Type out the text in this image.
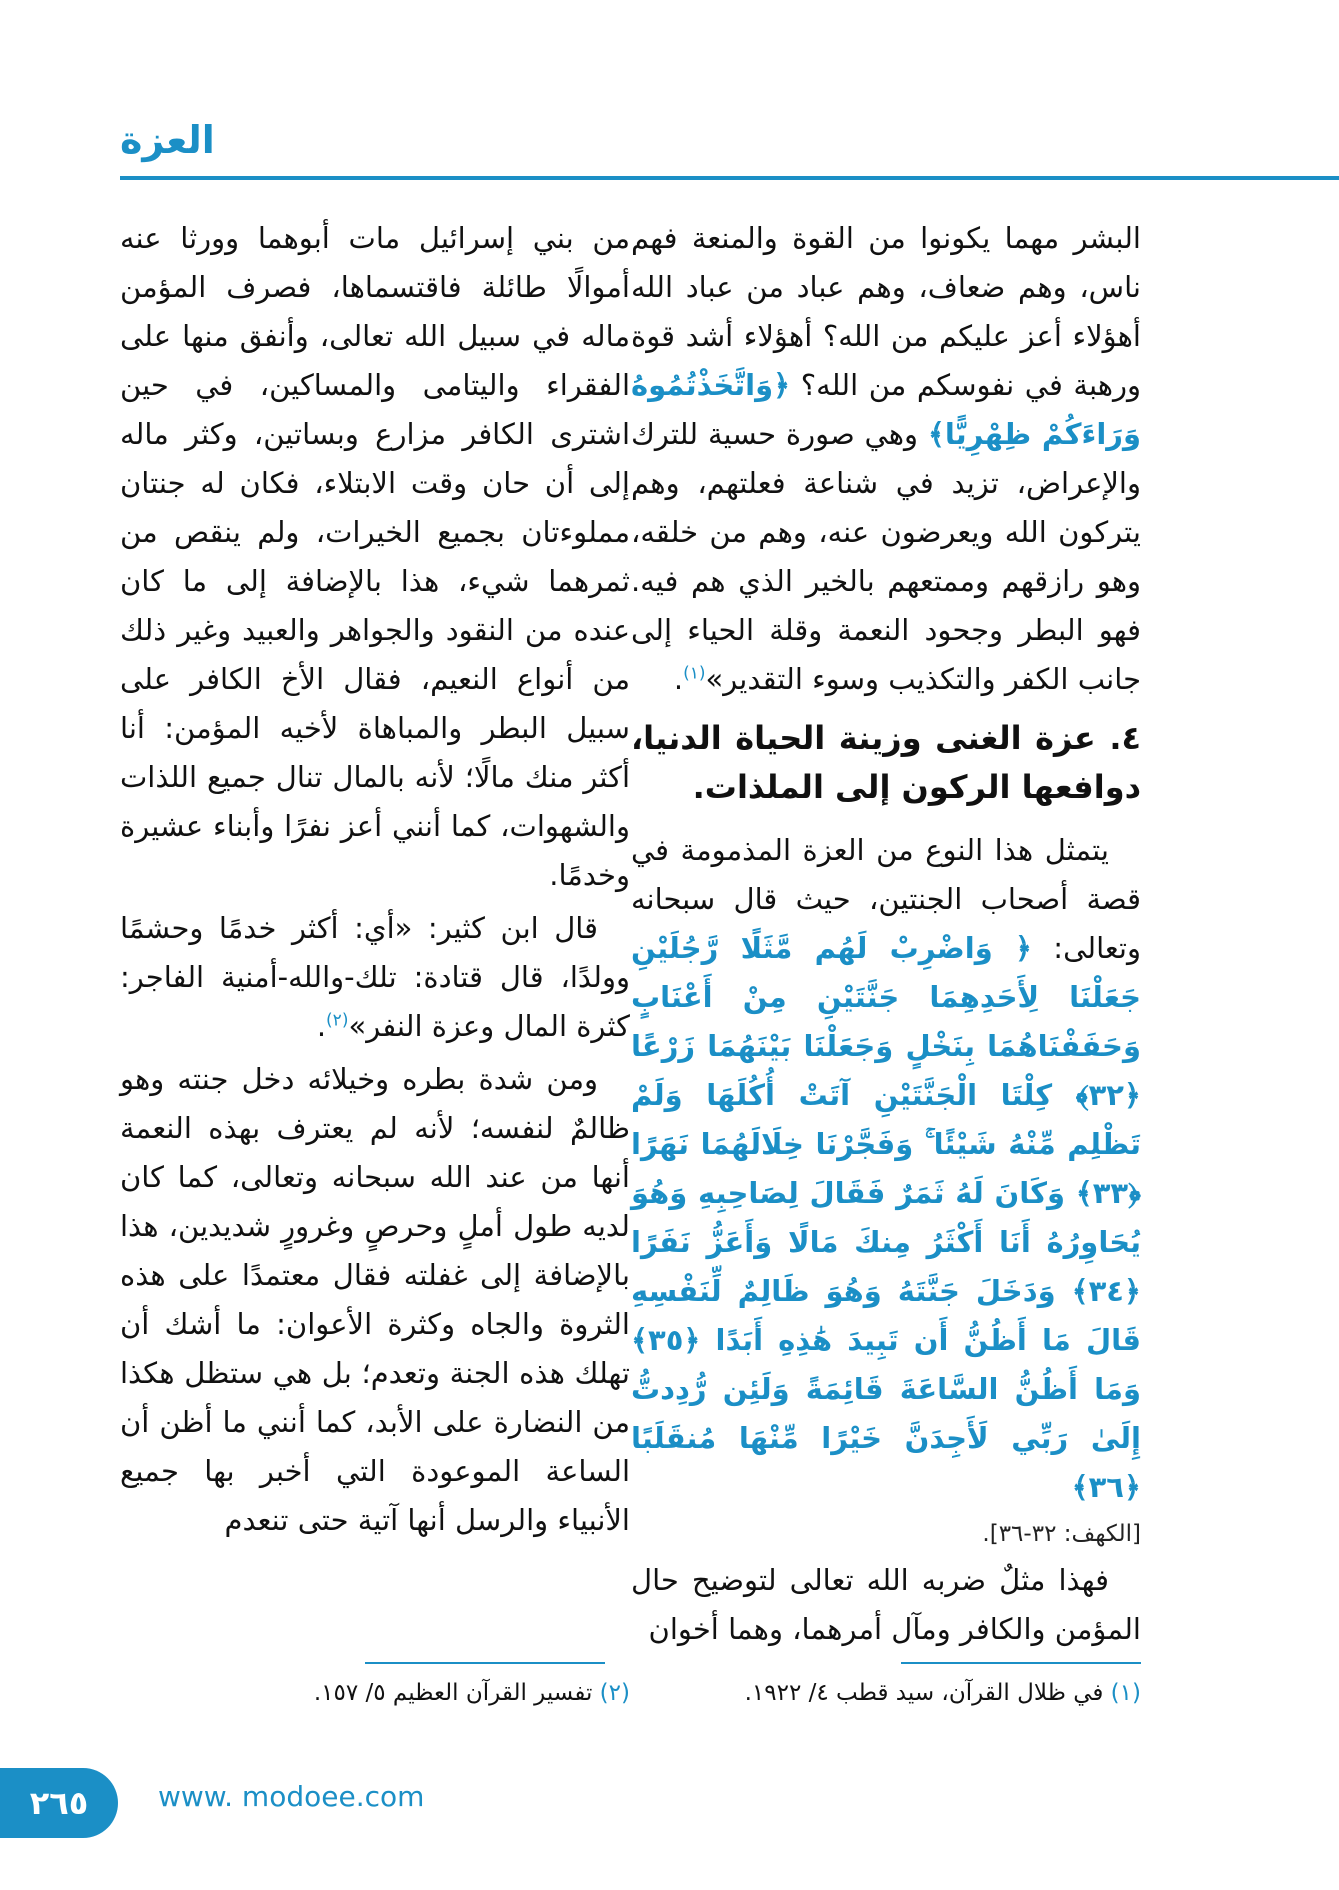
العزة

البشر مهما يكونوا من القوة والمنعة فهم ناس، وهم ضعاف، وهم عباد من عباد الله أهؤلاء أعز عليكم من الله؟ أهؤلاء أشد قوة ورهبة في نفوسكم من الله؟ ﴿وَاتَّخَذْتُمُوهُ وَرَاءَكُمْ ظِهْرِيًّا﴾ وهي صورة حسية للترك والإعراض، تزيد في شناعة فعلتهم، وهم يتركون الله ويعرضون عنه، وهم من خلقه، وهو رازقهم وممتعهم بالخير الذي هم فيه. فهو البطر وجحود النعمة وقلة الحياء إلى جانب الكفر والتكذيب وسوء التقدير»$^{(١)}$.

٤. عزة الغنى وزينة الحياة الدنيا، دوافعها الركون إلى الملذات.

يتمثل هذا النوع من العزة المذمومة في قصة أصحاب الجنتين، حيث قال سبحانه وتعالى: ﴿ وَاضْرِبْ لَهُم مَّثَلًا رَّجُلَيْنِ جَعَلْنَا لِأَحَدِهِمَا جَنَّتَيْنِ مِنْ أَعْنَابٍ وَحَفَفْنَاهُمَا بِنَخْلٍ وَجَعَلْنَا بَيْنَهُمَا زَرْعًا ﴿٣٢﴾ كِلْتَا الْجَنَّتَيْنِ آتَتْ أُكُلَهَا وَلَمْ تَظْلِم مِّنْهُ شَيْئًا ۚ وَفَجَّرْنَا خِلَالَهُمَا نَهَرًا ﴿٣٣﴾ وَكَانَ لَهُ ثَمَرٌ فَقَالَ لِصَاحِبِهِ وَهُوَ يُحَاوِرُهُ أَنَا أَكْثَرُ مِنكَ مَالًا وَأَعَزُّ نَفَرًا ﴿٣٤﴾ وَدَخَلَ جَنَّتَهُ وَهُوَ ظَالِمٌ لِّنَفْسِهِ قَالَ مَا أَظُنُّ أَن تَبِيدَ هَٰذِهِ أَبَدًا ﴿٣٥﴾ وَمَا أَظُنُّ السَّاعَةَ قَائِمَةً وَلَئِن رُّدِدتُّ إِلَىٰ رَبِّي لَأَجِدَنَّ خَيْرًا مِّنْهَا مُنقَلَبًا ﴿٣٦﴾

[الكهف: ٣٢-٣٦].

فهذا مثلٌ ضربه الله تعالى لتوضيح حال المؤمن والكافر ومآل أمرهما، وهما أخوان

من بني إسرائيل مات أبوهما وورثا عنه أموالًا طائلة فاقتسماها، فصرف المؤمن ماله في سبيل الله تعالى، وأنفق منها على الفقراء واليتامى والمساكين، في حين اشترى الكافر مزارع وبساتين، وكثر ماله إلى أن حان وقت الابتلاء، فكان له جنتان مملوءتان بجميع الخيرات، ولم ينقص من ثمرهما شيء، هذا بالإضافة إلى ما كان عنده من النقود والجواهر والعبيد وغير ذلك من أنواع النعيم، فقال الأخ الكافر على سبيل البطر والمباهاة لأخيه المؤمن: أنا أكثر منك مالًا؛ لأنه بالمال تنال جميع اللذات والشهوات، كما أنني أعز نفرًا وأبناء عشيرة وخدمًا.

قال ابن كثير: «أي: أكثر خدمًا وحشمًا وولدًا، قال قتادة: تلك-والله-أمنية الفاجر: كثرة المال وعزة النفر»$^{(٢)}$.

ومن شدة بطره وخيلائه دخل جنته وهو ظالمٌ لنفسه؛ لأنه لم يعترف بهذه النعمة أنها من عند الله سبحانه وتعالى، كما كان لديه طول أملٍ وحرصٍ وغرورٍ شديدين، هذا بالإضافة إلى غفلته فقال معتمدًا على هذه الثروة والجاه وكثرة الأعوان: ما أشك أن تهلك هذه الجنة وتعدم؛ بل هي ستظل هكذا من النضارة على الأبد، كما أنني ما أظن أن الساعة الموعودة التي أخبر بها جميع الأنبياء والرسل أنها آتية حتى تنعدم

(١) في ظلال القرآن، سيد قطب ٤/ ١٩٢٢.
(٢) تفسير القرآن العظيم ٥/ ١٥٧.
٢٦٥	www. modoee.com
